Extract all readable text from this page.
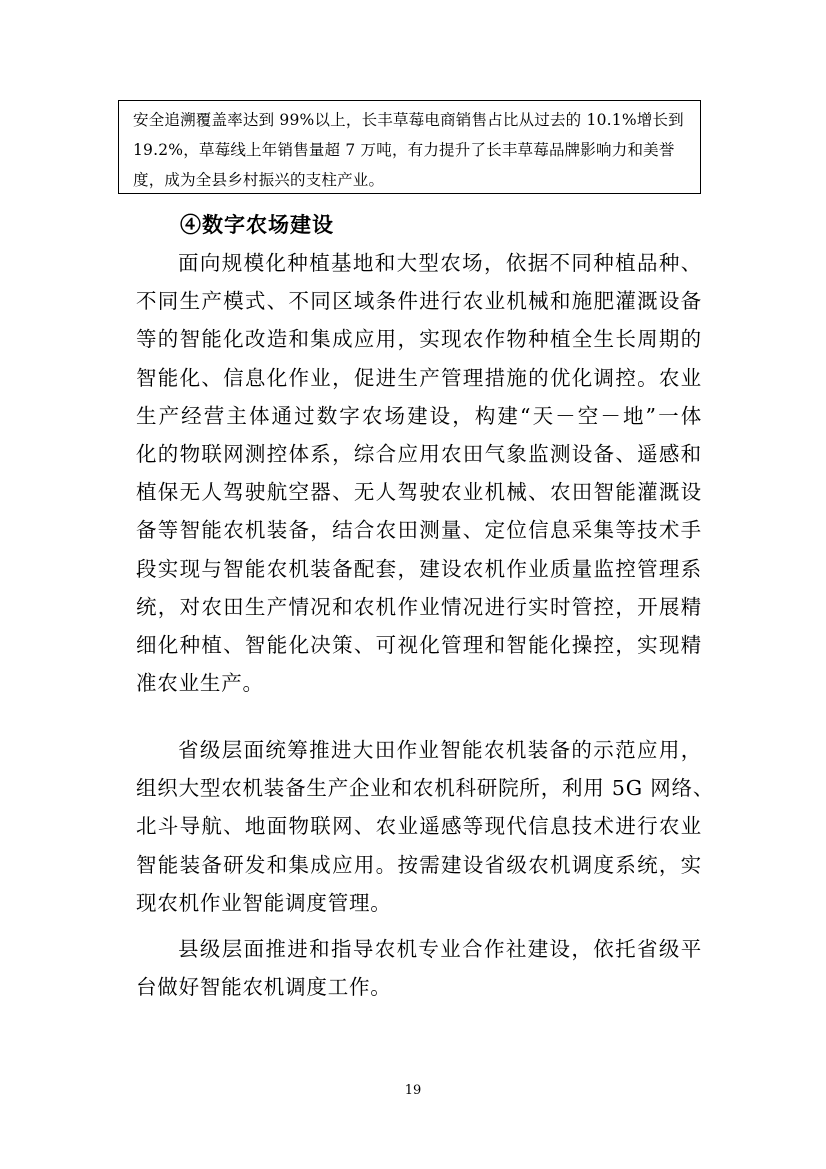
安全追溯覆盖率达到 99%以上，长丰草莓电商销售占比从过去的 10.1%增长到
19.2%，草莓线上年销售量超 7 万吨，有力提升了长丰草莓品牌影响力和美誉
度，成为全县乡村振兴的支柱产业。
④数字农场建设
面向规模化种植基地和大型农场，依据不同种植品种、
不同生产模式、不同区域条件进行农业机械和施肥灌溉设备
等的智能化改造和集成应用，实现农作物种植全生长周期的
智能化、信息化作业，促进生产管理措施的优化调控。农业
生产经营主体通过数字农场建设，构建“天－空－地”一体
化的物联网测控体系，综合应用农田气象监测设备、遥感和
植保无人驾驶航空器、无人驾驶农业机械、农田智能灌溉设
备等智能农机装备，结合农田测量、定位信息采集等技术手
段实现与智能农机装备配套，建设农机作业质量监控管理系
统，对农田生产情况和农机作业情况进行实时管控，开展精
细化种植、智能化决策、可视化管理和智能化操控，实现精
准农业生产。
省级层面统筹推进大田作业智能农机装备的示范应用，
组织大型农机装备生产企业和农机科研院所，利用 5G 网络、
北斗导航、地面物联网、农业遥感等现代信息技术进行农业
智能装备研发和集成应用。按需建设省级农机调度系统，实
现农机作业智能调度管理。
县级层面推进和指导农机专业合作社建设，依托省级平
台做好智能农机调度工作。
19
